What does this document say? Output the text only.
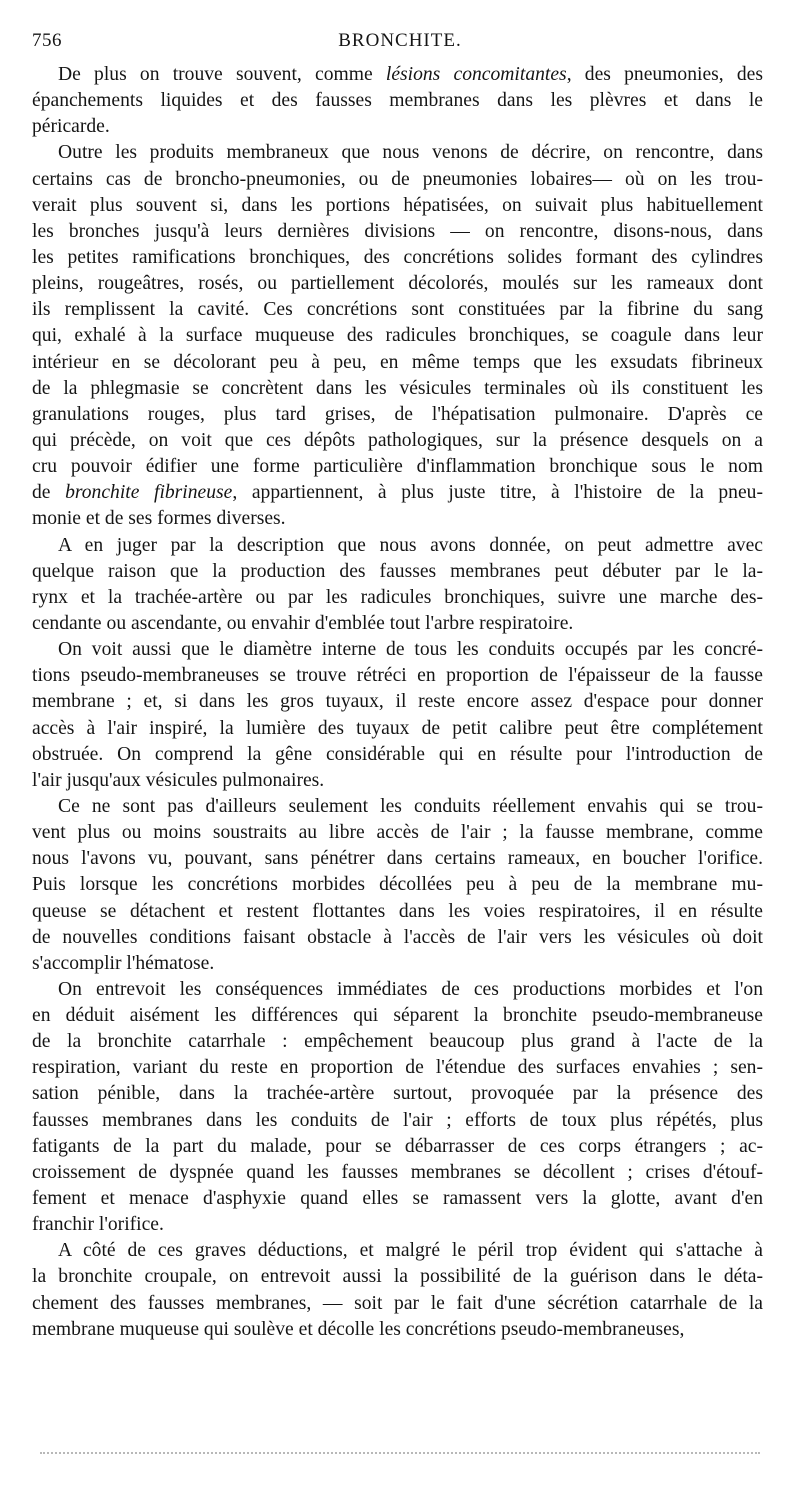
756	BRONCHITE.
De plus on trouve souvent, comme lésions concomitantes, des pneumonies, des
épanchements liquides et des fausses membranes dans les plèvres et dans le
péricarde.
Outre les produits membraneux que nous venons de décrire, on rencontre, dans
certains cas de broncho-pneumonies, ou de pneumonies lobaires— où on les trou-
verait plus souvent si, dans les portions hépatisées, on suivait plus habituellement
les bronches jusqu'à leurs dernières divisions — on rencontre, disons-nous, dans
les petites ramifications bronchiques, des concrétions solides formant des cylindres
pleins, rougeâtres, rosés, ou partiellement décolorés, moulés sur les rameaux dont
ils remplissent la cavité. Ces concrétions sont constituées par la fibrine du sang
qui, exhalé à la surface muqueuse des radicules bronchiques, se coagule dans leur
intérieur en se décolorant peu à peu, en même temps que les exsudats fibrineux
de la phlegmasie se concrètent dans les vésicules terminales où ils constituent les
granulations rouges, plus tard grises, de l'hépatisation pulmonaire. D'après ce
qui précède, on voit que ces dépôts pathologiques, sur la présence desquels on a
cru pouvoir édifier une forme particulière d'inflammation bronchique sous le nom
de bronchite fibrineuse, appartiennent, à plus juste titre, à l'histoire de la pneu-
monie et de ses formes diverses.
A en juger par la description que nous avons donnée, on peut admettre avec
quelque raison que la production des fausses membranes peut débuter par le la-
rynx et la trachée-artère ou par les radicules bronchiques, suivre une marche des-
cendante ou ascendante, ou envahir d'emblée tout l'arbre respiratoire.
On voit aussi que le diamètre interne de tous les conduits occupés par les concré-
tions pseudo-membraneuses se trouve rétréci en proportion de l'épaisseur de la fausse
membrane ; et, si dans les gros tuyaux, il reste encore assez d'espace pour donner
accès à l'air inspiré, la lumière des tuyaux de petit calibre peut être complétement
obstruée. On comprend la gêne considérable qui en résulte pour l'introduction de
l'air jusqu'aux vésicules pulmonaires.
Ce ne sont pas d'ailleurs seulement les conduits réellement envahis qui se trou-
vent plus ou moins soustraits au libre accès de l'air ; la fausse membrane, comme
nous l'avons vu, pouvant, sans pénétrer dans certains rameaux, en boucher l'orifice.
Puis lorsque les concrétions morbides décollées peu à peu de la membrane mu-
queuse se détachent et restent flottantes dans les voies respiratoires, il en résulte
de nouvelles conditions faisant obstacle à l'accès de l'air vers les vésicules où doit
s'accomplir l'hématose.
On entrevoit les conséquences immédiates de ces productions morbides et l'on
en déduit aisément les différences qui séparent la bronchite pseudo-membraneuse
de la bronchite catarrhale : empêchement beaucoup plus grand à l'acte de la
respiration, variant du reste en proportion de l'étendue des surfaces envahies ; sen-
sation pénible, dans la trachée-artère surtout, provoquée par la présence des
fausses membranes dans les conduits de l'air ; efforts de toux plus répétés, plus
fatigants de la part du malade, pour se débarrasser de ces corps étrangers ; ac-
croissement de dyspnée quand les fausses membranes se décollent ; crises d'étouf-
fement et menace d'asphyxie quand elles se ramassent vers la glotte, avant d'en
franchir l'orifice.
A côté de ces graves déductions, et malgré le péril trop évident qui s'attache à
la bronchite croupale, on entrevoit aussi la possibilité de la guérison dans le déta-
chement des fausses membranes, — soit par le fait d'une sécrétion catarrhale de la
membrane muqueuse qui soulève et décolle les concrétions pseudo-membraneuses,
